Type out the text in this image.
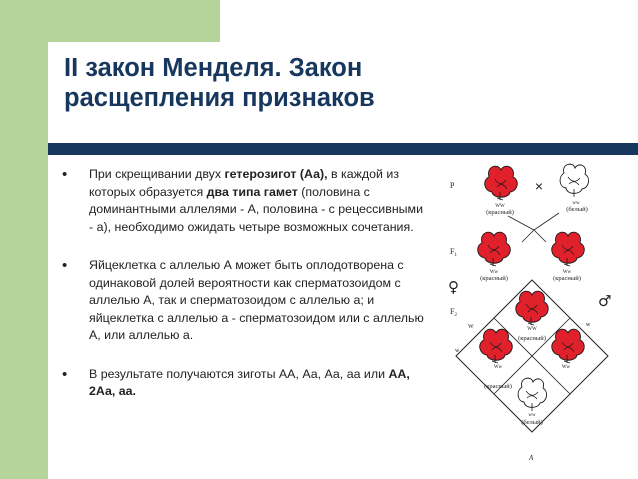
II закон Менделя. Закон
расщепления признаков
• При скрещивании двух гетерозигот (Аа), в каждой из которых образуется два типа гамет (половина с доминантными аллелями - А, половина - с рецессивными - а), необходимо ожидать четыре возможных сочетания.
• Яйцеклетка с аллелью А может быть оплодотворена с одинаковой долей вероятности как сперматозоидом с аллелью А, так и сперматозоидом с аллелью а; и яйцеклетка с аллелью а - сперматозоидом или с аллелью А, или аллелью а.
• В результате получаются зиготы АА, Аа, Аа, аа или АА, 2Аа, аа.
P
$F_1$
$F_2$
×
WW
(красный)
ww
(белый)
Ww
(красный)
Ww
(красный)
♀
♂
W
w
w
WW
Ww
(красный)
Ww
(красный)
ww
(белый)
A
